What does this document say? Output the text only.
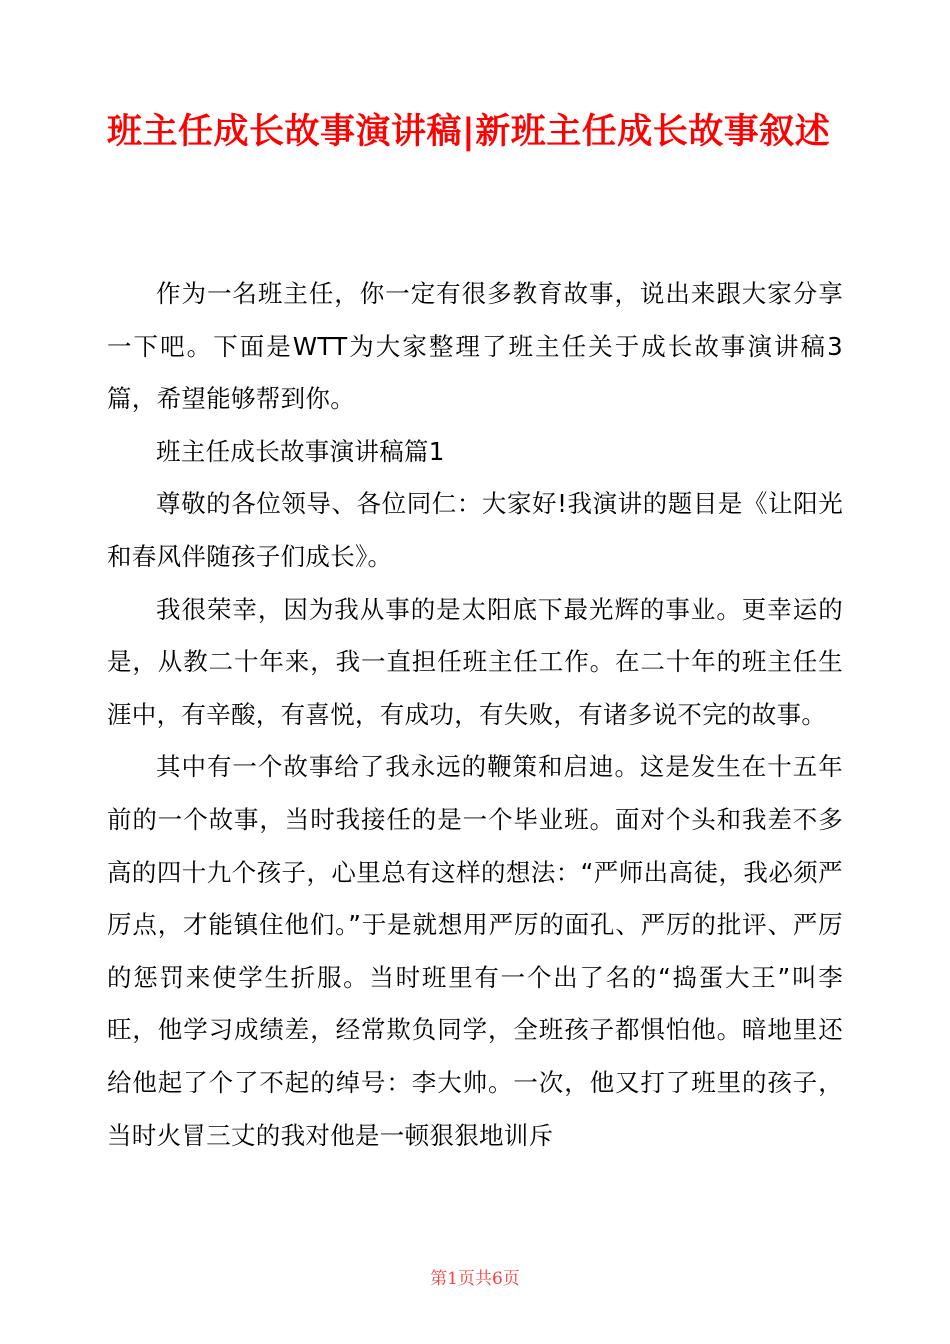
班主任成长故事演讲稿|新班主任成长故事叙述

作为一名班主任，你一定有很多教育故事，说出来跟大家分享一下吧。下面是WTT为大家整理了班主任关于成长故事演讲稿3篇，希望能够帮到你。

班主任成长故事演讲稿篇1

尊敬的各位领导、各位同仁：大家好!我演讲的题目是《让阳光和春风伴随孩子们成长》。

我很荣幸，因为我从事的是太阳底下最光辉的事业。更幸运的是，从教二十年来，我一直担任班主任工作。在二十年的班主任生涯中，有辛酸，有喜悦，有成功，有失败，有诸多说不完的故事。

其中有一个故事给了我永远的鞭策和启迪。这是发生在十五年前的一个故事，当时我接任的是一个毕业班。面对个头和我差不多高的四十九个孩子，心里总有这样的想法：“严师出高徒，我必须严厉点，才能镇住他们。”于是就想用严厉的面孔、严厉的批评、严厉的惩罚来使学生折服。当时班里有一个出了名的“捣蛋大王”叫李旺，他学习成绩差，经常欺负同学，全班孩子都惧怕他。暗地里还给他起了个了不起的绰号：李大帅。一次，他又打了班里的孩子，当时火冒三丈的我对他是一顿狠狠地训斥

第1页共6页
